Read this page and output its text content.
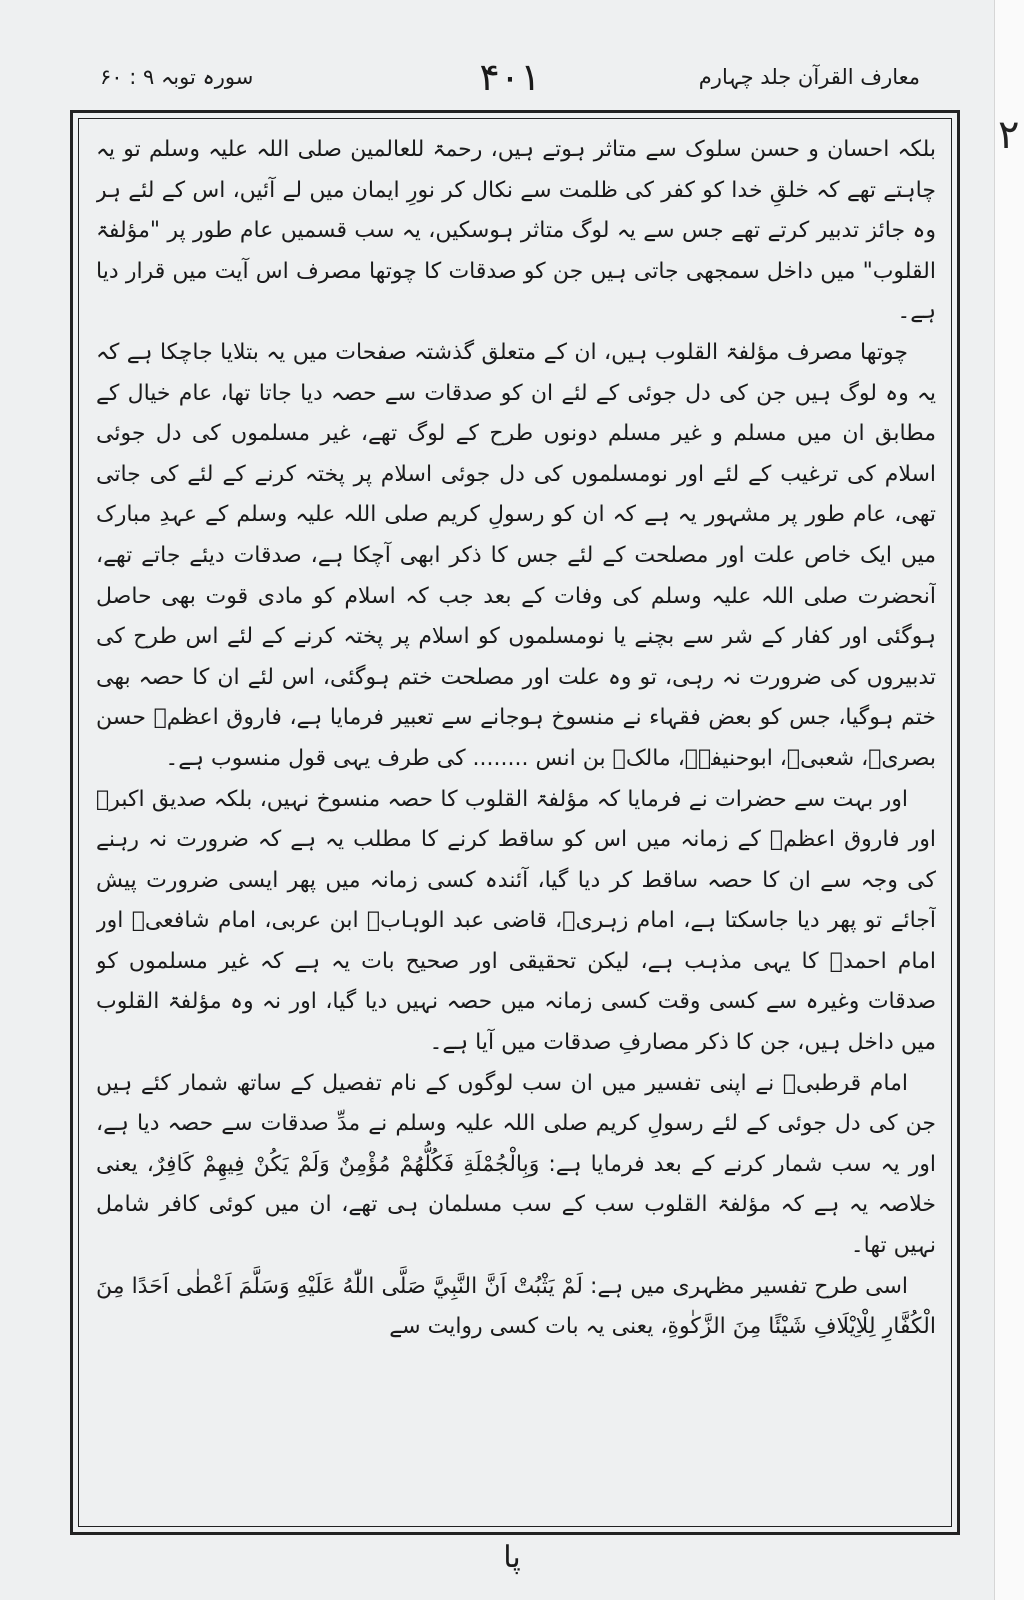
۲
معارف القرآن جلد چہارم
۴۰۱
سورہ توبہ ۹ : ۶۰

بلکہ احسان و حسن سلوک سے متاثر ہوتے ہیں، رحمۃ للعالمین صلی اللہ علیہ وسلم تو یہ چاہتے تھے کہ خلقِ خدا کو کفر کی ظلمت سے نکال کر نورِ ایمان میں لے آئیں، اس کے لئے ہر وہ جائز تدبیر کرتے تھے جس سے یہ لوگ متاثر ہوسکیں، یہ سب قسمیں عام طور پر "مؤلفۃ القلوب" میں داخل سمجھی جاتی ہیں جن کو صدقات کا چوتھا مصرف اس آیت میں قرار دیا ہے۔

چوتھا مصرف مؤلفۃ القلوب ہیں، ان کے متعلق گذشتہ صفحات میں یہ بتلایا جاچکا ہے کہ یہ وہ لوگ ہیں جن کی دل جوئی کے لئے ان کو صدقات سے حصہ دیا جاتا تھا، عام خیال کے مطابق ان میں مسلم و غیر مسلم دونوں طرح کے لوگ تھے، غیر مسلموں کی دل جوئی اسلام کی ترغیب کے لئے اور نومسلموں کی دل جوئی اسلام پر پختہ کرنے کے لئے کی جاتی تھی، عام طور پر مشہور یہ ہے کہ ان کو رسولِ کریم صلی اللہ علیہ وسلم کے عہدِ مبارک میں ایک خاص علت اور مصلحت کے لئے جس کا ذکر ابھی آچکا ہے، صدقات دیئے جاتے تھے، آنحضرت صلی اللہ علیہ وسلم کی وفات کے بعد جب کہ اسلام کو مادی قوت بھی حاصل ہوگئی اور کفار کے شر سے بچنے یا نومسلموں کو اسلام پر پختہ کرنے کے لئے اس طرح کی تدبیروں کی ضرورت نہ رہی، تو وہ علت اور مصلحت ختم ہوگئی، اس لئے ان کا حصہ بھی ختم ہوگیا، جس کو بعض فقہاء نے منسوخ ہوجانے سے تعبیر فرمایا ہے، فاروق اعظمؓ حسن بصریؒ، شعبیؒ، ابوحنیفہؒ، مالکؒ بن انس ........ کی طرف یہی قول منسوب ہے۔

اور بہت سے حضرات نے فرمایا کہ مؤلفۃ القلوب کا حصہ منسوخ نہیں، بلکہ صدیق اکبرؓ اور فاروق اعظمؓ کے زمانہ میں اس کو ساقط کرنے کا مطلب یہ ہے کہ ضرورت نہ رہنے کی وجہ سے ان کا حصہ ساقط کر دیا گیا، آئندہ کسی زمانہ میں پھر ایسی ضرورت پیش آجائے تو پھر دیا جاسکتا ہے، امام زہریؒ، قاضی عبد الوہابؒ ابن عربی، امام شافعیؒ اور امام احمدؒ کا یہی مذہب ہے، لیکن تحقیقی اور صحیح بات یہ ہے کہ غیر مسلموں کو صدقات وغیرہ سے کسی وقت کسی زمانہ میں حصہ نہیں دیا گیا، اور نہ وہ مؤلفۃ القلوب میں داخل ہیں، جن کا ذکر مصارفِ صدقات میں آیا ہے۔

امام قرطبیؒ نے اپنی تفسیر میں ان سب لوگوں کے نام تفصیل کے ساتھ شمار کئے ہیں جن کی دل جوئی کے لئے رسولِ کریم صلی اللہ علیہ وسلم نے مدِّ صدقات سے حصہ دیا ہے، اور یہ سب شمار کرنے کے بعد فرمایا ہے: وَبِالْجُمْلَةِ فَكُلُّهُمْ مُؤْمِنٌ وَلَمْ يَكُنْ فِيهِمْ كَافِرٌ، یعنی خلاصہ یہ ہے کہ مؤلفۃ القلوب سب کے سب مسلمان ہی تھے، ان میں کوئی کافر شامل نہیں تھا۔

اسی طرح تفسیر مظہری میں ہے: لَمْ يَثْبُتْ اَنَّ النَّبِيَّ صَلَّى اللّٰهُ عَلَيْهِ وَسَلَّمَ اَعْطٰى اَحَدًا مِنَ الْكُفَّارِ لِلْاِيْلَافِ شَيْئًا مِنَ الزَّكٰوةِ، یعنی یہ بات کسی روایت سے

پا
